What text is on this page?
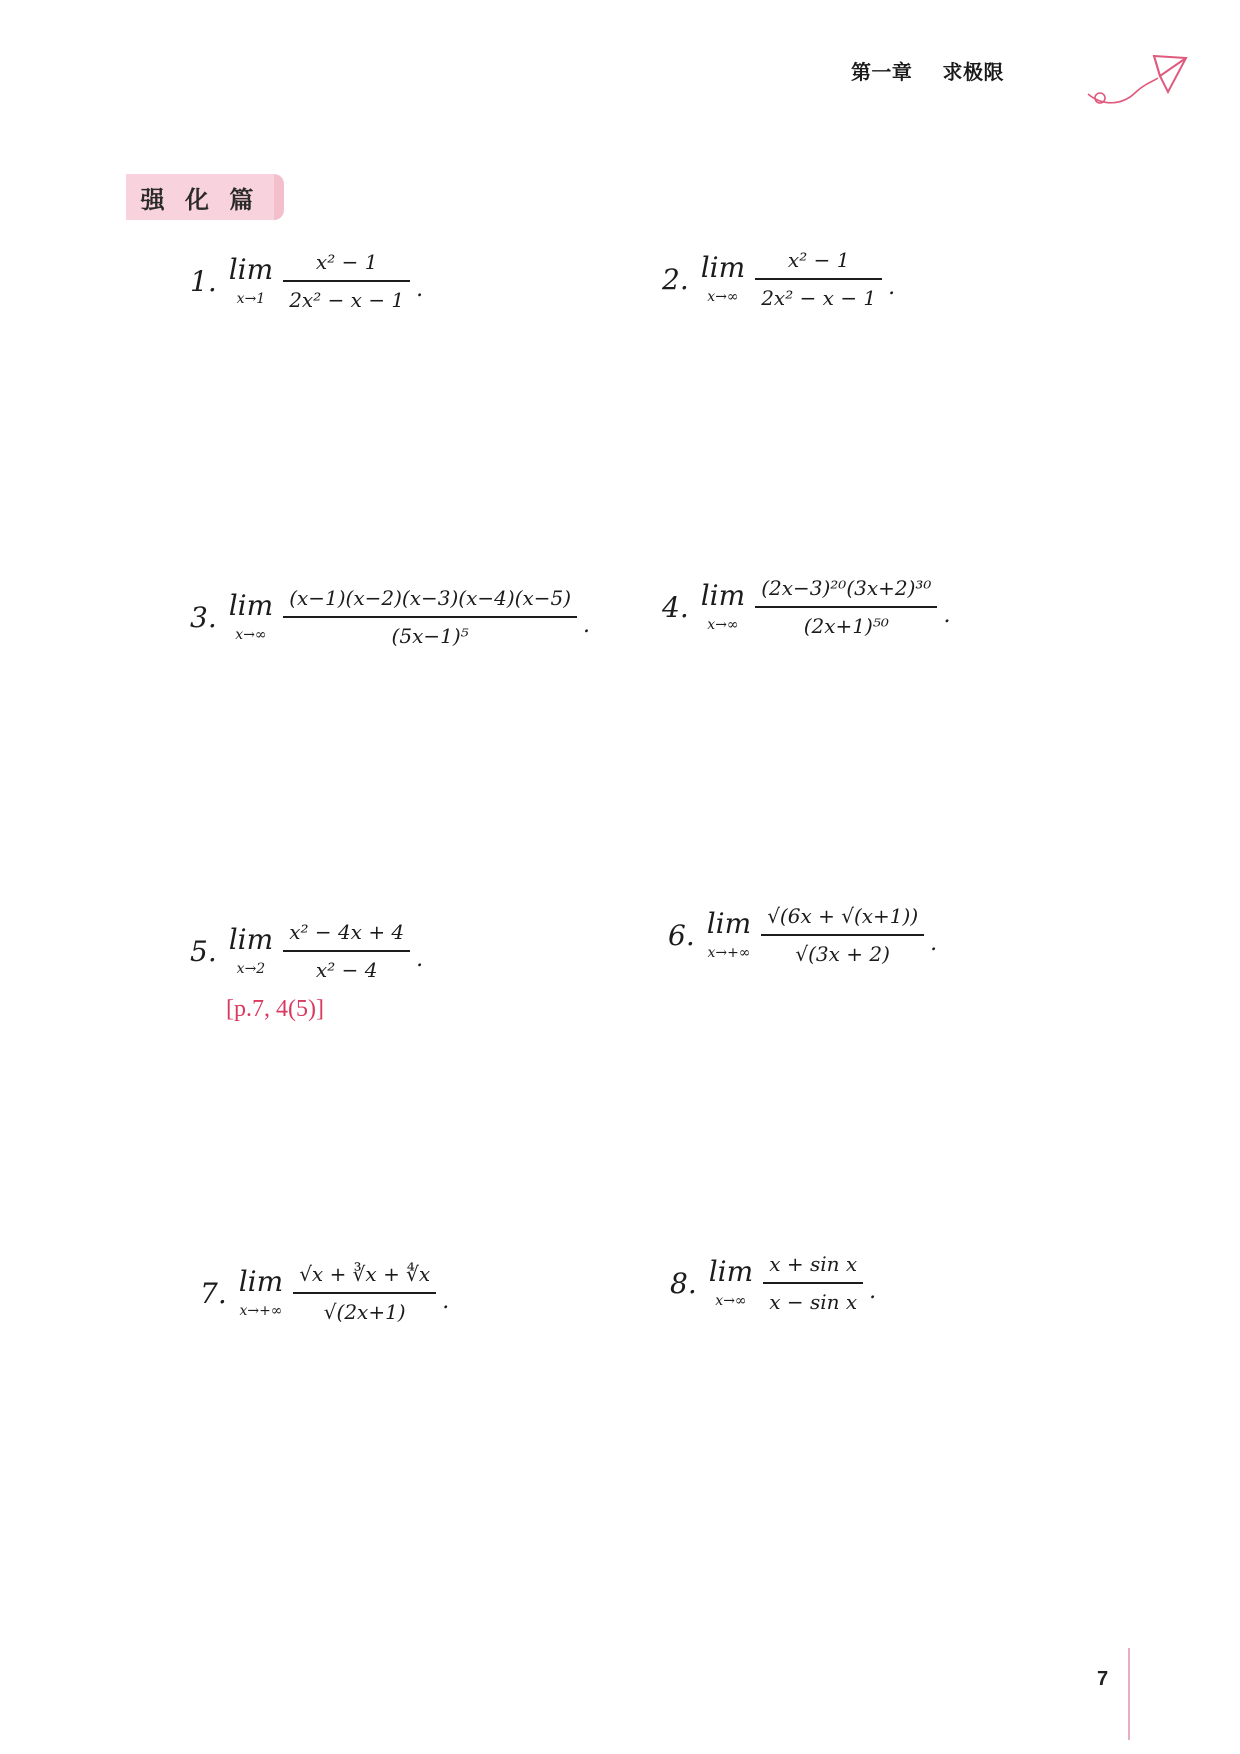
第一章 求极限
强 化 篇
1. lim
$x\to 1 \frac{\text{x² − 1}}{\text{2x² − x − 1}}$ .	2. lim
$x\to\infty \frac{\text{x² − 1}}{\text{2x² − x − 1}}$ .
3. lim
$x\to\infty \frac{(x-1)(x-2)(x-3)(x-4)(x-5)}{\text{(5x−1)⁵}}$ .
4. lim
$x\to\infty \frac{\text{(2x−3)²⁰(3x+2)³⁰}}{\text{(2x+1)⁵⁰}}$ .
5. lim
$x\to 2 \frac{\text{x² − 4x + 4}}{\text{x² − 4}}$ .
[p.7, 4(5)]
6. lim
$x\to+\infty \frac{√(6x + √(x+1))}{√(3x + 2)}$ .
7. lim
$x\to+\infty \frac{√x + ∛x + ∜x}{√(2x+1)}$ .
8. lim
$x\to\infty \frac{\text{x + sin x}}{\text{x − sin x}}$ .
7
